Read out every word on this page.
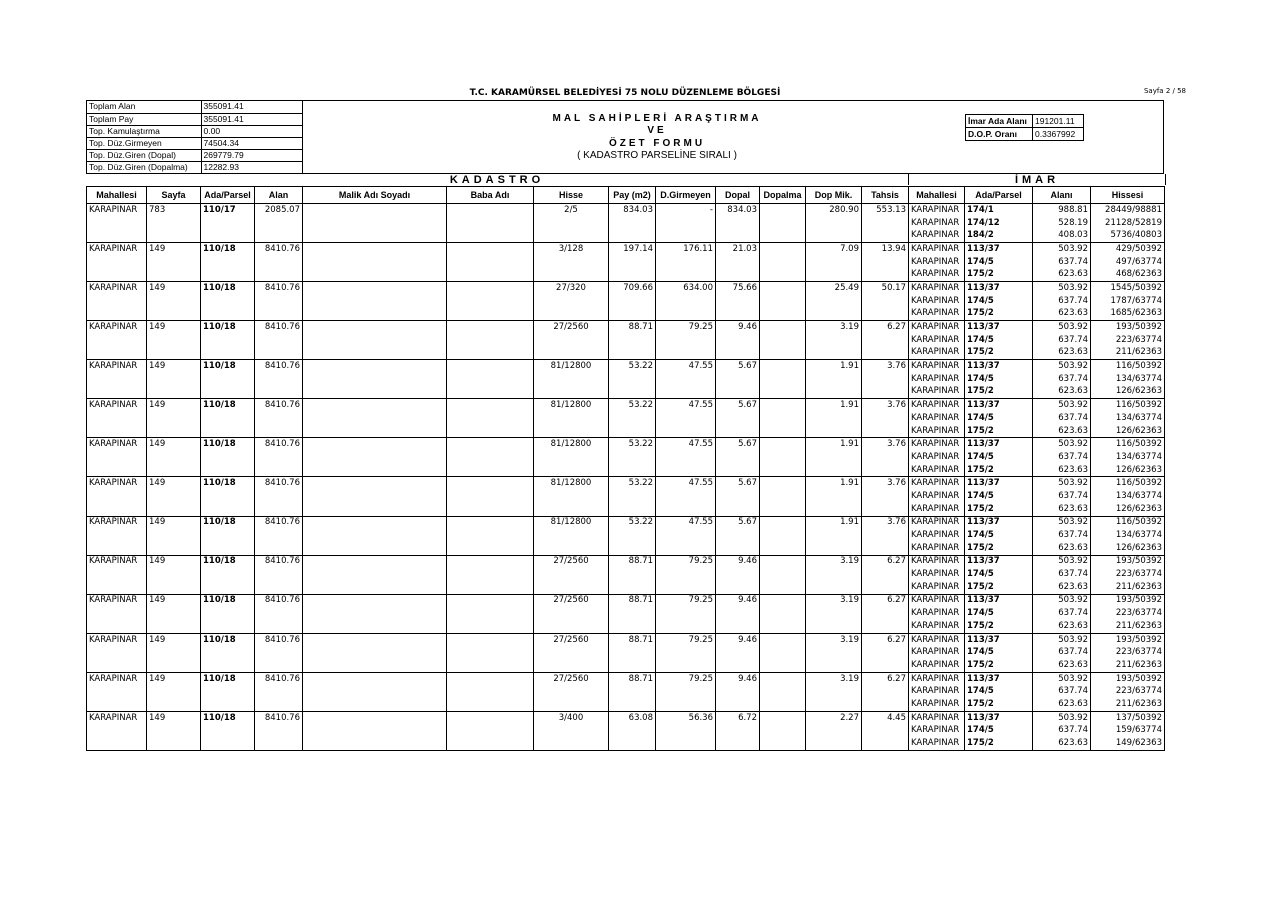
Sayfa 2 / 58
T.C. KARAMÜRSEL BELEDİYESİ 75 NOLU DÜZENLEME BÖLGESİ
Toplam Alan	355091.41
Toplam Pay	355091.41
Top. Kamulaştırma	0.00
Top. Düz.Girmeyen	74504.34
Top. Düz.Giren (Dopal)	269779.79
Top. Düz.Giren (Dopalma)	12282.93
MAL SAHİPLERİ ARAŞTIRMA
VE
ÖZET FORMU
( KADASTRO PARSELİNE SIRALI )
İmar Ada Alanı	191201.11
D.O.P. Oranı	0.3367992
KADASTRO	İMAR
Mahallesi	Sayfa	Ada/Parsel	Alan	Malik Adı Soyadı	Baba Adı	Hisse	Pay (m2)	D.Girmeyen	Dopal	Dopalma	Dop Mik.	Tahsis	Mahallesi	Ada/Parsel	Alanı	Hissesi
KARAPINAR	783	110/17	2085.07			2/5	834.03	-	834.03		280.90	553.13	KARAPINAR	174/1	988.81	28449/98881
													KARAPINAR	174/12	528.19	21128/52819
													KARAPINAR	184/2	408.03	5736/40803
KARAPINAR	149	110/18	8410.76			3/128	197.14	176.11	21.03		7.09	13.94	KARAPINAR	113/37	503.92	429/50392
													KARAPINAR	174/5	637.74	497/63774
													KARAPINAR	175/2	623.63	468/62363
KARAPINAR	149	110/18	8410.76			27/320	709.66	634.00	75.66		25.49	50.17	KARAPINAR	113/37	503.92	1545/50392
													KARAPINAR	174/5	637.74	1787/63774
													KARAPINAR	175/2	623.63	1685/62363
KARAPINAR	149	110/18	8410.76			27/2560	88.71	79.25	9.46		3.19	6.27	KARAPINAR	113/37	503.92	193/50392
													KARAPINAR	174/5	637.74	223/63774
													KARAPINAR	175/2	623.63	211/62363
KARAPINAR	149	110/18	8410.76			81/12800	53.22	47.55	5.67		1.91	3.76	KARAPINAR	113/37	503.92	116/50392
													KARAPINAR	174/5	637.74	134/63774
													KARAPINAR	175/2	623.63	126/62363
KARAPINAR	149	110/18	8410.76			81/12800	53.22	47.55	5.67		1.91	3.76	KARAPINAR	113/37	503.92	116/50392
													KARAPINAR	174/5	637.74	134/63774
													KARAPINAR	175/2	623.63	126/62363
KARAPINAR	149	110/18	8410.76			81/12800	53.22	47.55	5.67		1.91	3.76	KARAPINAR	113/37	503.92	116/50392
													KARAPINAR	174/5	637.74	134/63774
													KARAPINAR	175/2	623.63	126/62363
KARAPINAR	149	110/18	8410.76			81/12800	53.22	47.55	5.67		1.91	3.76	KARAPINAR	113/37	503.92	116/50392
													KARAPINAR	174/5	637.74	134/63774
													KARAPINAR	175/2	623.63	126/62363
KARAPINAR	149	110/18	8410.76			81/12800	53.22	47.55	5.67		1.91	3.76	KARAPINAR	113/37	503.92	116/50392
													KARAPINAR	174/5	637.74	134/63774
													KARAPINAR	175/2	623.63	126/62363
KARAPINAR	149	110/18	8410.76			27/2560	88.71	79.25	9.46		3.19	6.27	KARAPINAR	113/37	503.92	193/50392
													KARAPINAR	174/5	637.74	223/63774
													KARAPINAR	175/2	623.63	211/62363
KARAPINAR	149	110/18	8410.76			27/2560	88.71	79.25	9.46		3.19	6.27	KARAPINAR	113/37	503.92	193/50392
													KARAPINAR	174/5	637.74	223/63774
													KARAPINAR	175/2	623.63	211/62363
KARAPINAR	149	110/18	8410.76			27/2560	88.71	79.25	9.46		3.19	6.27	KARAPINAR	113/37	503.92	193/50392
													KARAPINAR	174/5	637.74	223/63774
													KARAPINAR	175/2	623.63	211/62363
KARAPINAR	149	110/18	8410.76			27/2560	88.71	79.25	9.46		3.19	6.27	KARAPINAR	113/37	503.92	193/50392
													KARAPINAR	174/5	637.74	223/63774
													KARAPINAR	175/2	623.63	211/62363
KARAPINAR	149	110/18	8410.76			3/400	63.08	56.36	6.72		2.27	4.45	KARAPINAR	113/37	503.92	137/50392
													KARAPINAR	174/5	637.74	159/63774
													KARAPINAR	175/2	623.63	149/62363
